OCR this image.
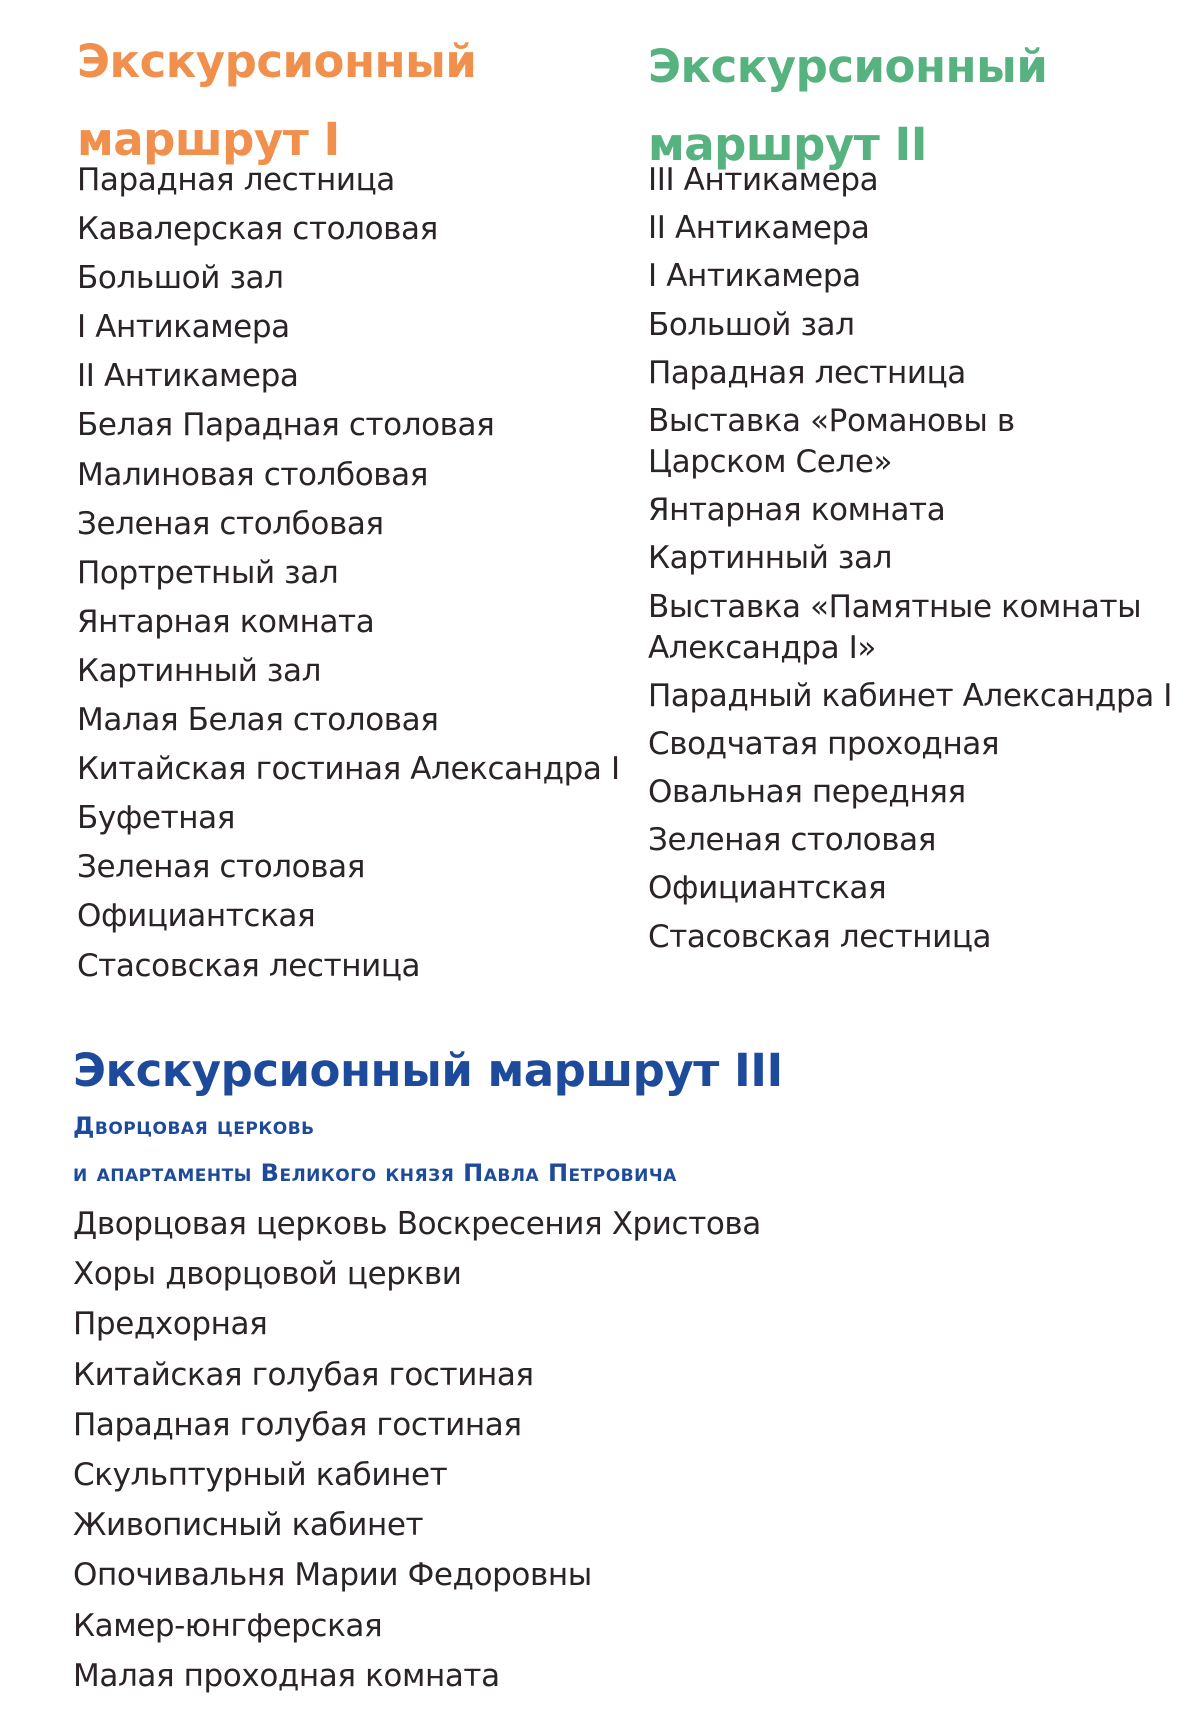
Экскурсионный
маршрут I
Парадная лестница
Кавалерская столовая
Большой зал
I Антикамера
II Антикамера
Белая Парадная столовая
Малиновая столбовая
Зеленая столбовая
Портретный зал
Янтарная комната
Картинный зал
Малая Белая столовая
Китайская гостиная Александра I
Буфетная
Зеленая столовая
Официантская
Стасовская лестница
Экскурсионный
маршрут II
III Антикамера
II Антикамера
I Антикамера
Большой зал
Парадная лестница
Выставка «Романовы в Царском Селе»
Янтарная комната
Картинный зал
Выставка «Памятные комнаты Александра I»
Парадный кабинет Александра I
Сводчатая проходная
Овальная передняя
Зеленая столовая
Официантская
Стасовская лестница
Экскурсионный маршрут III

Дворцовая церковь

и апартаменты Великого князя Павла Петровича

Дворцовая церковь Воскресения Христова
Хоры дворцовой церкви
Предхорная
Китайская голубая гостиная
Парадная голубая гостиная
Скульптурный кабинет
Живописный кабинет
Опочивальня Марии Федоровны
Камер-юнгферская
Малая проходная комната
